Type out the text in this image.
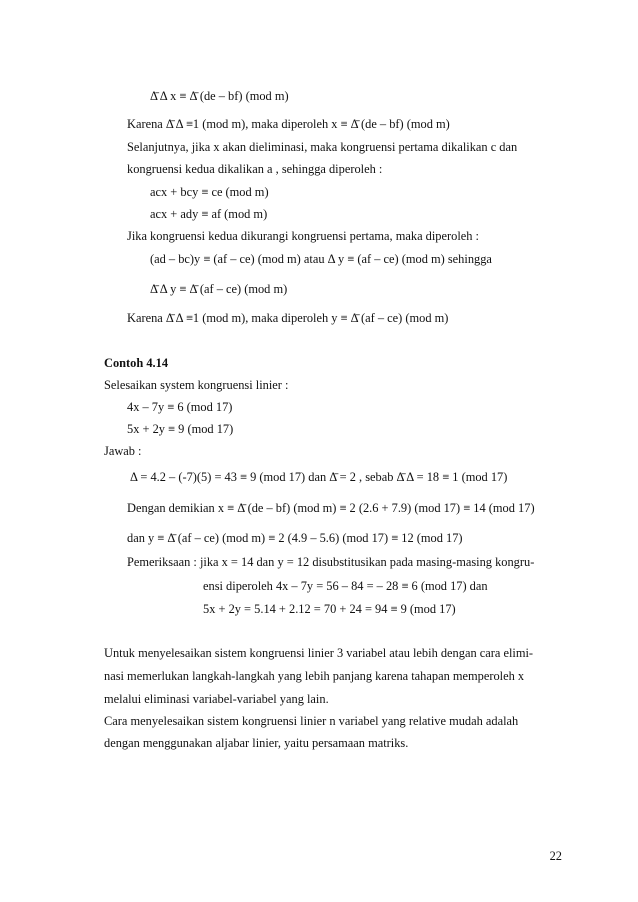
Δ̄ Δ x ≡ Δ̄ (de – bf) (mod m)
Karena Δ̄ Δ ≡1 (mod m), maka diperoleh x ≡ Δ̄ (de – bf) (mod m)
Selanjutnya, jika x akan dieliminasi, maka kongruensi pertama dikalikan c dan
kongruensi kedua dikalikan a , sehingga diperoleh :
acx + bcy ≡ ce (mod m)
acx + ady ≡ af (mod m)
Jika kongruensi kedua dikurangi kongruensi pertama, maka diperoleh :
(ad – bc)y ≡ (af – ce) (mod m) atau Δ y ≡ (af – ce) (mod m) sehingga
Δ̄ Δ y ≡ Δ̄ (af – ce) (mod m)
Karena Δ̄ Δ ≡1 (mod m), maka diperoleh y ≡ Δ̄ (af – ce) (mod m)
Contoh 4.14
Selesaikan system kongruensi linier :
4x – 7y ≡ 6 (mod 17)
5x + 2y ≡ 9 (mod 17)
Jawab :
Δ = 4.2 – (-7)(5) = 43 ≡ 9 (mod 17) dan Δ̄ = 2 , sebab Δ̄ Δ = 18 ≡ 1 (mod 17)
Dengan demikian x ≡ Δ̄ (de – bf) (mod m) ≡ 2 (2.6 + 7.9) (mod 17) ≡ 14 (mod 17)
dan y ≡ Δ̄ (af – ce) (mod m) ≡ 2 (4.9 – 5.6) (mod 17) ≡ 12 (mod 17)
Pemeriksaan : jika x = 14 dan y = 12 disubstitusikan pada masing-masing kongru-
ensi diperoleh 4x – 7y = 56 – 84 = – 28 ≡ 6 (mod 17) dan
5x + 2y = 5.14 + 2.12 = 70 + 24 = 94 ≡ 9 (mod 17)
Untuk menyelesaikan sistem kongruensi linier 3 variabel atau lebih dengan cara elimi-
nasi memerlukan langkah-langkah yang lebih panjang karena tahapan memperoleh x
melalui eliminasi variabel-variabel yang lain.
Cara menyelesaikan sistem kongruensi linier n variabel yang relative mudah adalah
dengan menggunakan aljabar linier, yaitu persamaan matriks.
22
